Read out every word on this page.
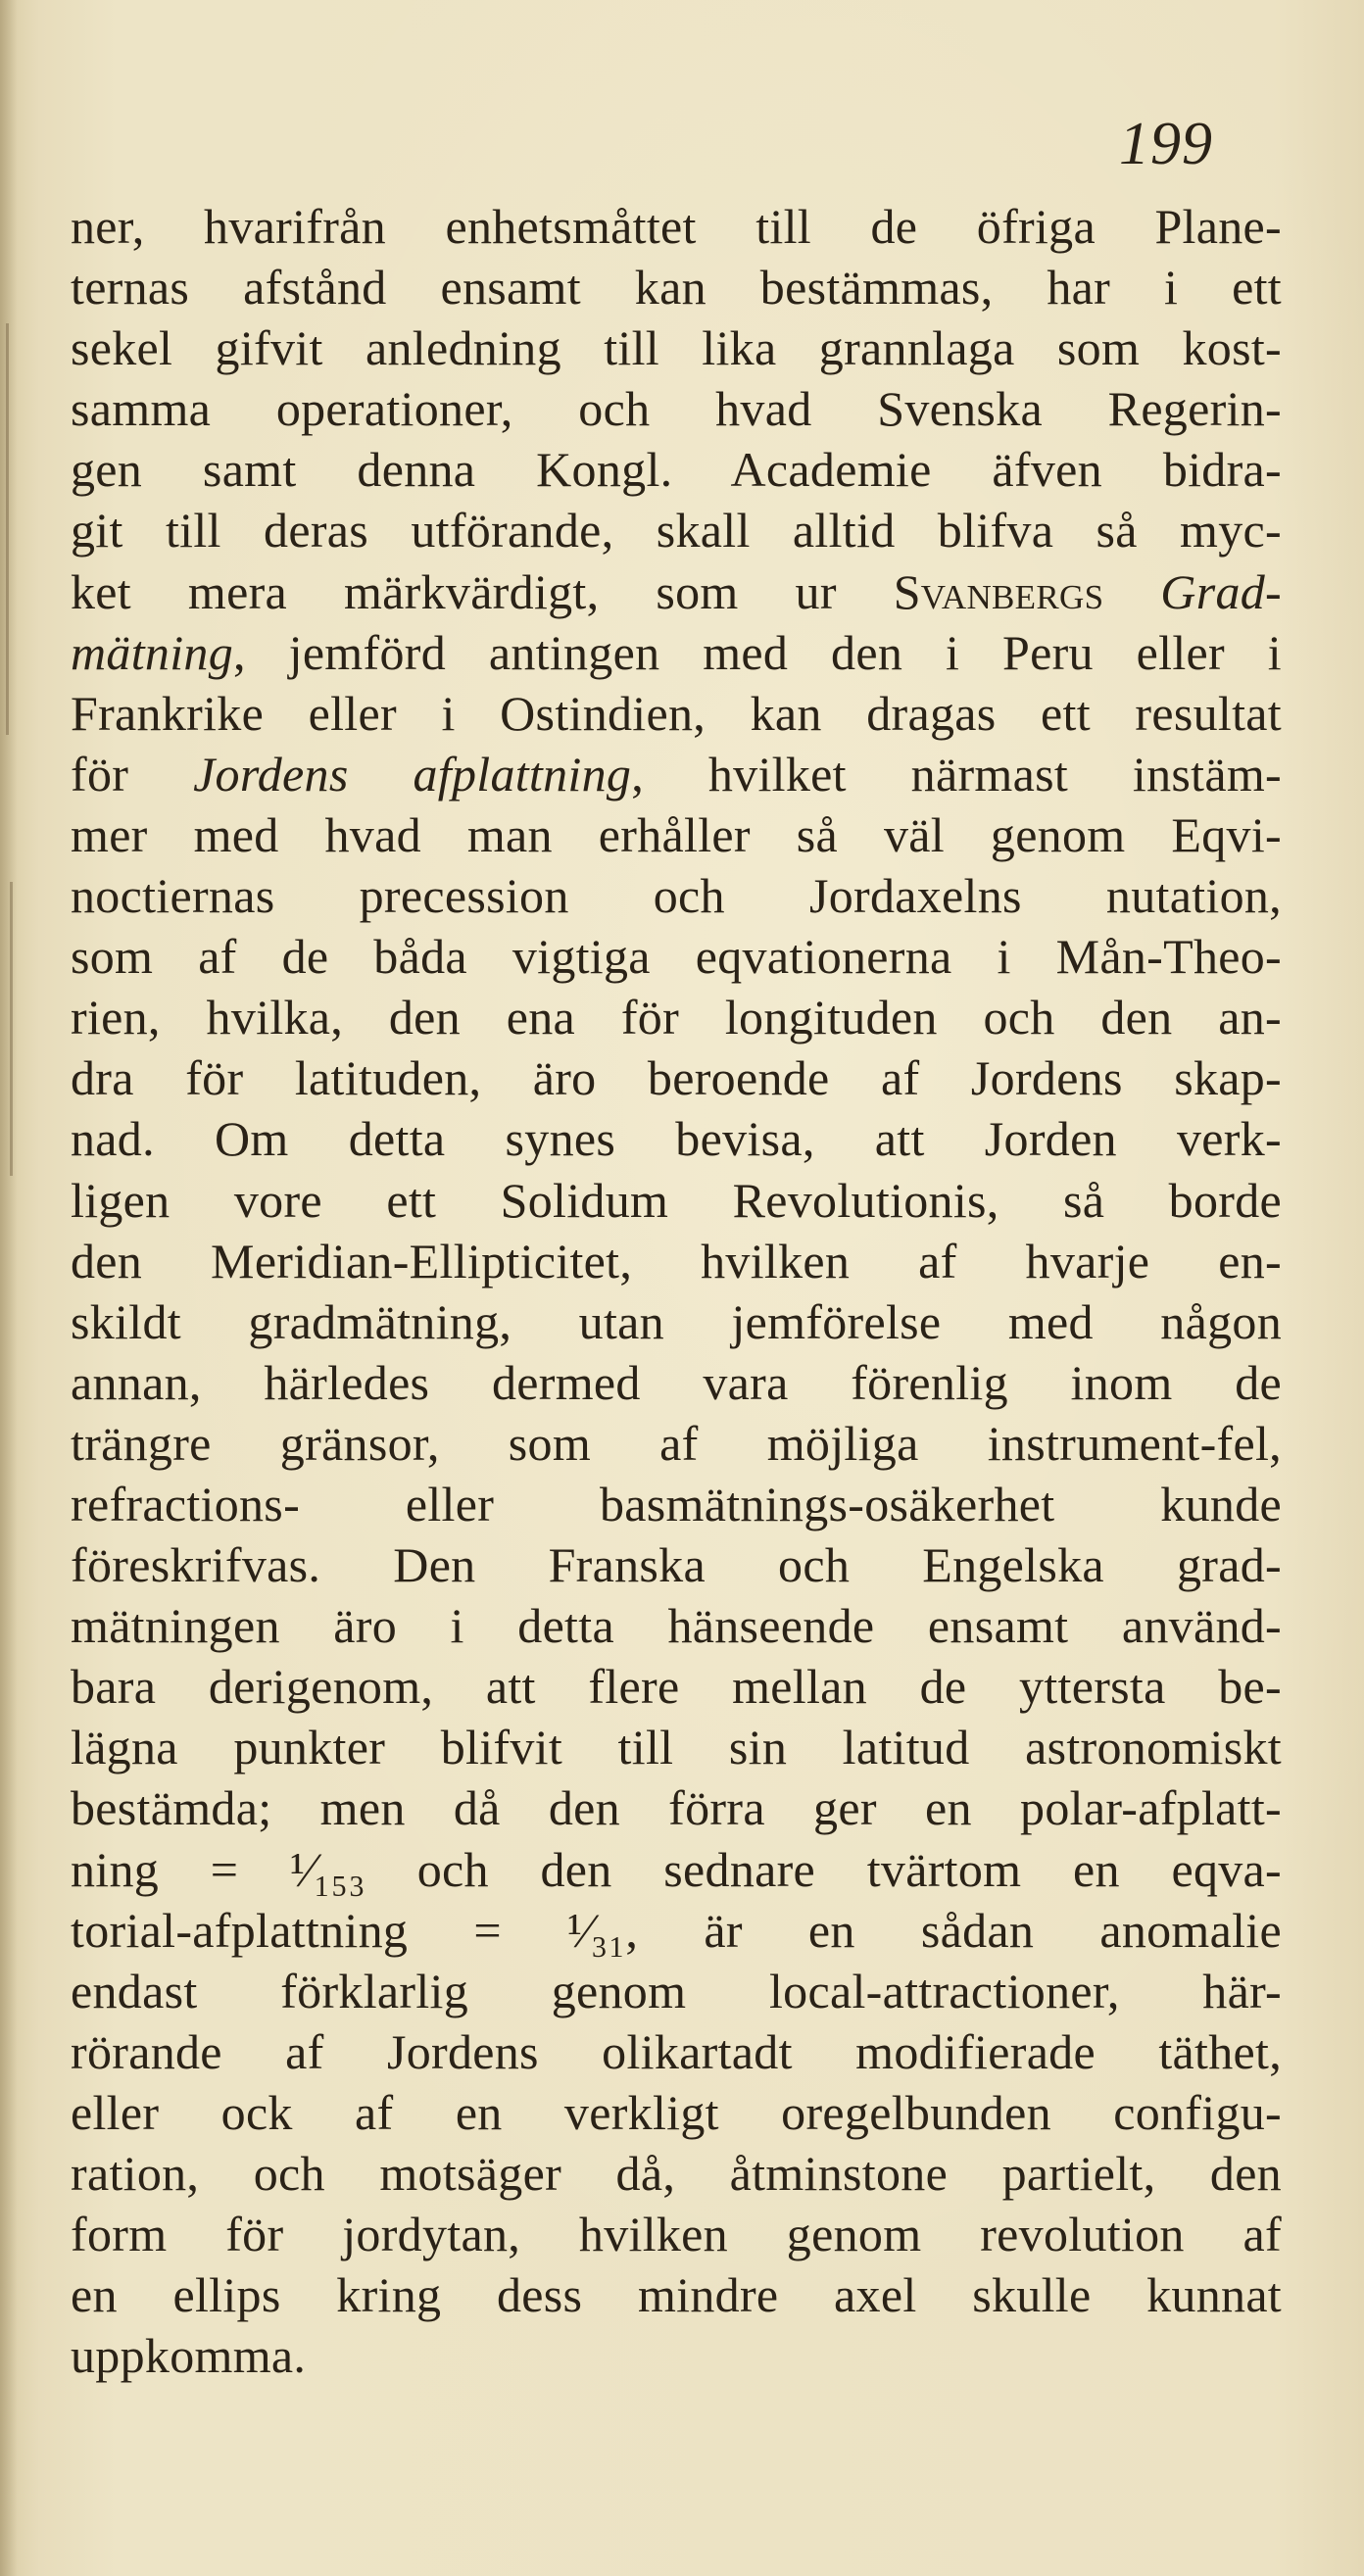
199
ner, hvarifrån enhetsmåttet till de öfriga Plane-
ternas afstånd ensamt kan bestämmas, har i ett
sekel gifvit anledning till lika grannlaga som kost-
samma operationer, och hvad Svenska Regerin-
gen samt denna Kongl. Academie äfven bidra-
git till deras utförande, skall alltid blifva så myc-
ket mera märkvärdigt, som ur Svanbergs Grad-
mätning, jemförd antingen med den i Peru eller i
Frankrike eller i Ostindien, kan dragas ett resultat
för Jordens afplattning, hvilket närmast instäm-
mer med hvad man erhåller så väl genom Eqvi-
noctiernas precession och Jordaxelns nutation,
som af de båda vigtiga eqvationerna i Mån-Theo-
rien, hvilka, den ena för longituden och den an-
dra för latituden, äro beroende af Jordens skap-
nad. Om detta synes bevisa, att Jorden verk-
ligen vore ett Solidum Revolutionis, så borde
den Meridian-Ellipticitet, hvilken af hvarje en-
skildt gradmätning, utan jemförelse med någon
annan, härledes dermed vara förenlig inom de
trängre gränsor, som af möjliga instrument-fel,
refractions- eller basmätnings-osäkerhet kunde
föreskrifvas. Den Franska och Engelska grad-
mätningen äro i detta hänseende ensamt använd-
bara derigenom, att flere mellan de yttersta be-
lägna punkter blifvit till sin latitud astronomiskt
bestämda; men då den förra ger en polar-afplatt-
ning = ¹⁄₁₅₃ och den sednare tvärtom en eqva-
torial-afplattning = ¹⁄₃₁, är en sådan anomalie
endast förklarlig genom local-attractioner, här-
rörande af Jordens olikartadt modifierade täthet,
eller ock af en verkligt oregelbunden configu-
ration, och motsäger då, åtminstone partielt, den
form för jordytan, hvilken genom revolution af
en ellips kring dess mindre axel skulle kunnat
uppkomma.
